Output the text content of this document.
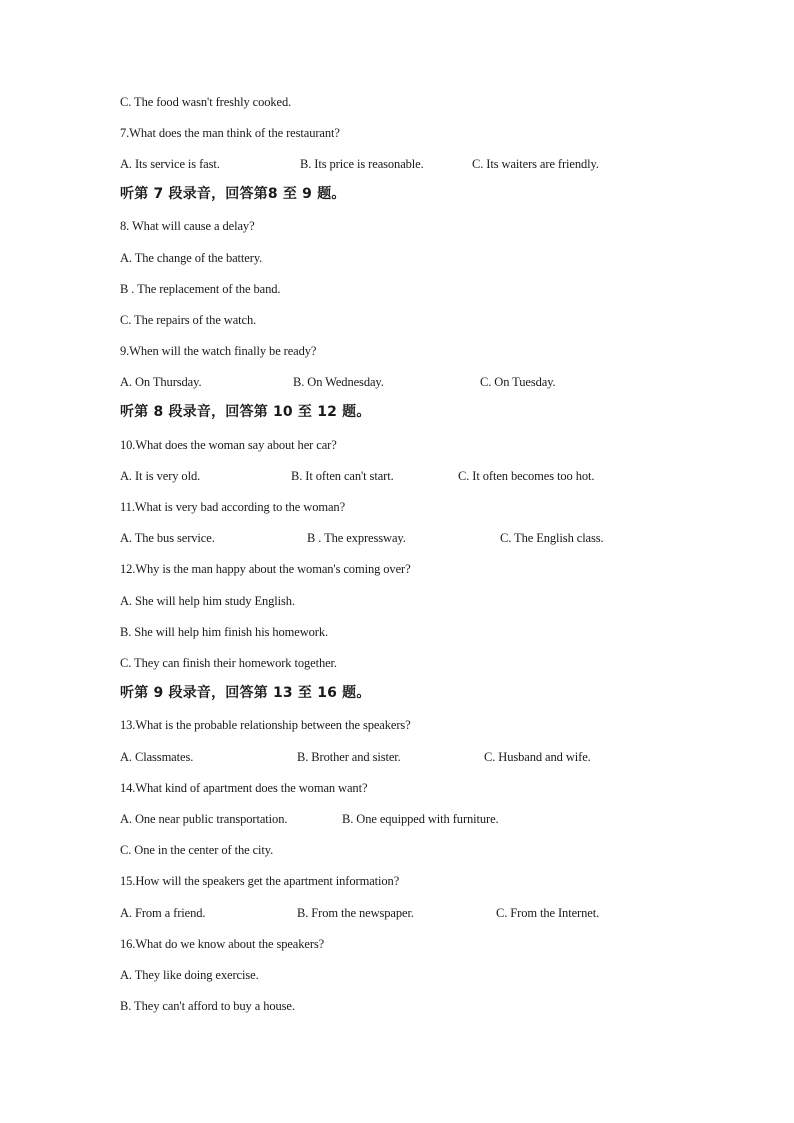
C. The food wasn't freshly cooked.
7.What does the man think of the restaurant?
A. Its service is fast.	B. Its price is reasonable.	C. Its waiters are friendly.
听第 7 段录音，回答第8 至 9 题。
8. What will cause a delay?
A. The change of the battery.
B . The replacement of the band.
C. The repairs of the watch.
9.When will the watch finally be ready?
A. On Thursday.	B. On Wednesday.	C. On Tuesday.
听第 8 段录音，回答第 10 至 12 题。
10.What does the woman say about her car?
A. It is very old.	B. It often can't start.	C. It often becomes too hot.
11.What is very bad according to the woman?
A. The bus service.	B . The expressway.	C. The English class.
12.Why is the man happy about the woman's coming over?
A. She will help him study English.
B. She will help him finish his homework.
C. They can finish their homework together.
听第 9 段录音，回答第 13 至 16 题。
13.What is the probable relationship between the speakers?
A. Classmates.	B. Brother and sister.	C. Husband and wife.
14.What kind of apartment does the woman want?
A. One near public transportation.	B. One equipped with furniture.
C. One in the center of the city.
15.How will the speakers get the apartment information?
A. From a friend.	B. From the newspaper.	C. From the Internet.
16.What do we know about the speakers?
A. They like doing exercise.
B. They can't afford to buy a house.
